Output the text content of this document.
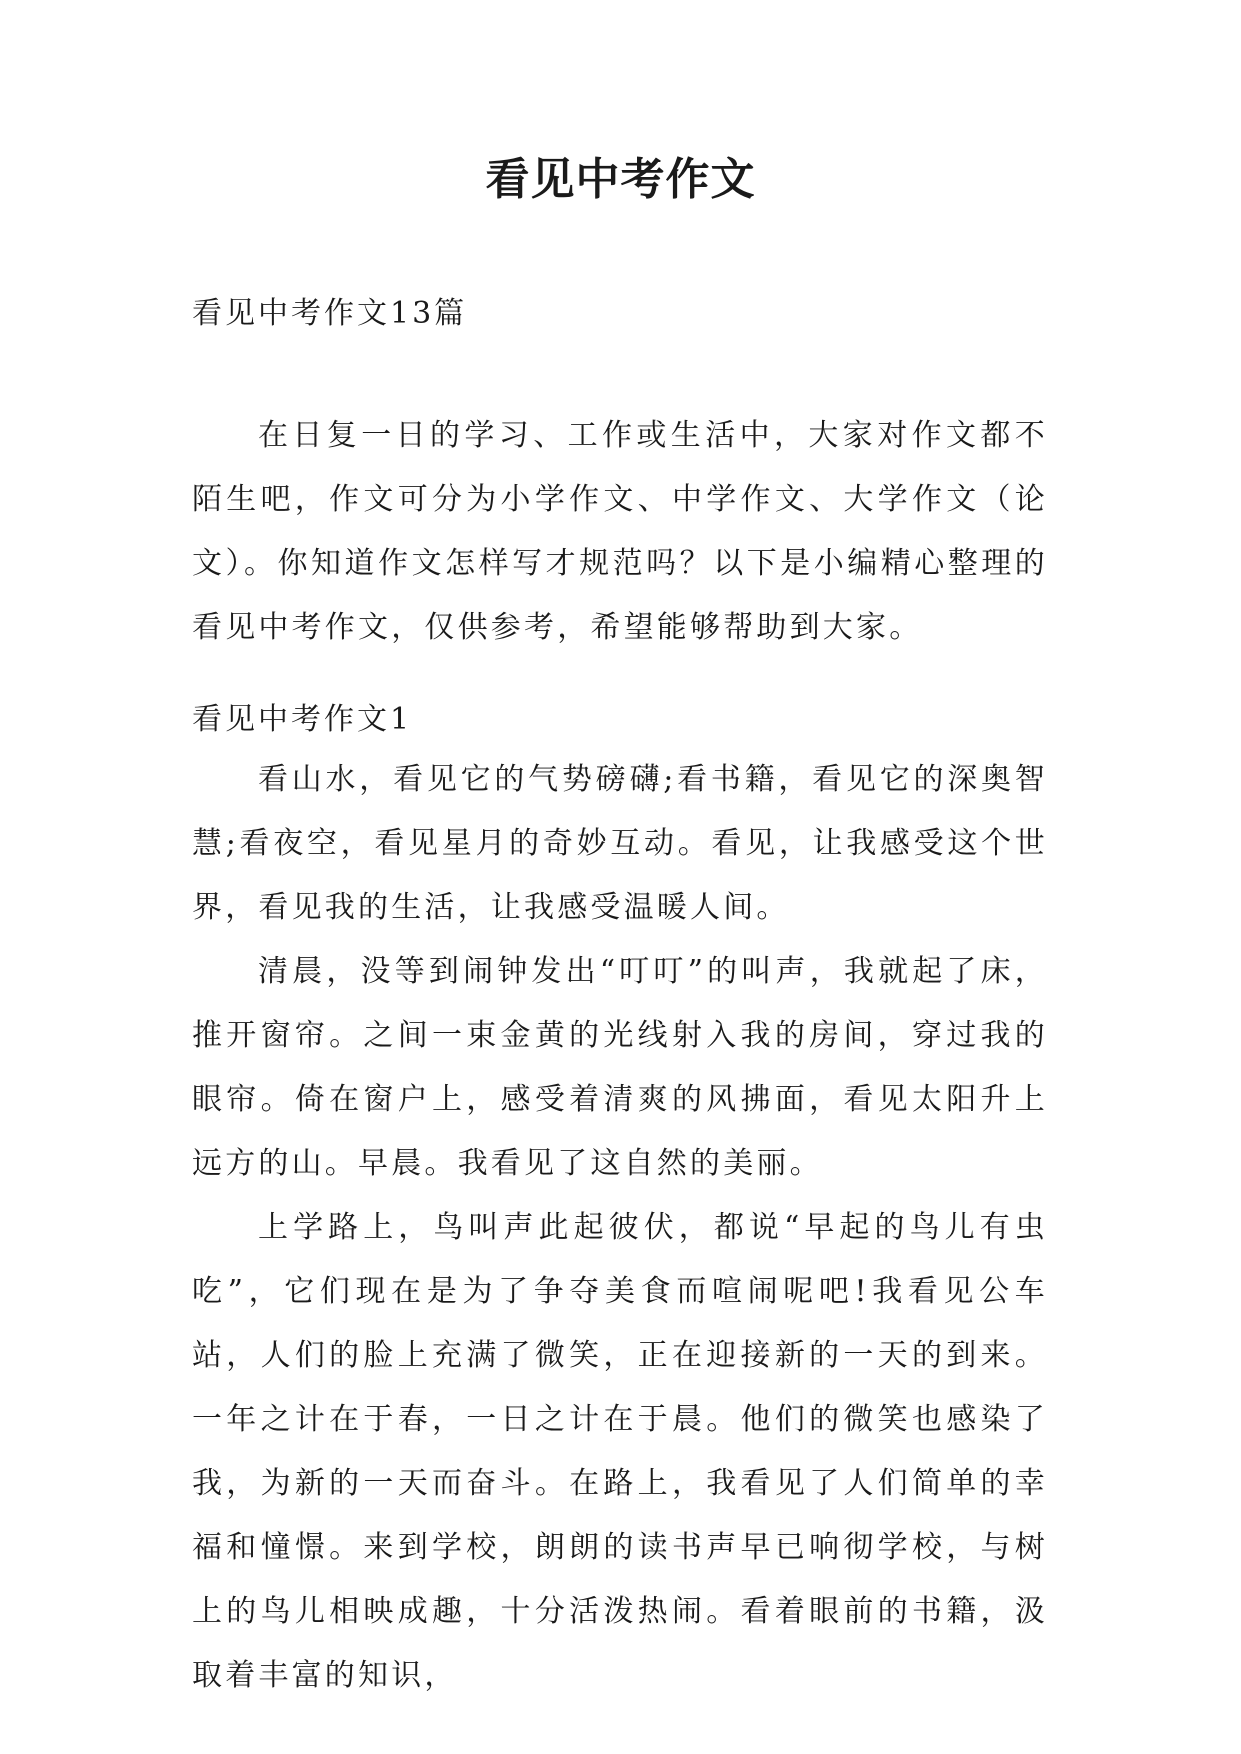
看见中考作文

看见中考作文13篇

在日复一日的学习、工作或生活中，大家对作文都不陌生吧，作文可分为小学作文、中学作文、大学作文（论文）。你知道作文怎样写才规范吗？以下是小编精心整理的看见中考作文，仅供参考，希望能够帮助到大家。

看见中考作文1

看山水，看见它的气势磅礴;看书籍，看见它的深奥智慧;看夜空，看见星月的奇妙互动。看见，让我感受这个世界，看见我的生活，让我感受温暖人间。

清晨，没等到闹钟发出“叮叮”的叫声，我就起了床，推开窗帘。之间一束金黄的光线射入我的房间，穿过我的眼帘。倚在窗户上，感受着清爽的风拂面，看见太阳升上远方的山。早晨。我看见了这自然的美丽。

上学路上，鸟叫声此起彼伏，都说“早起的鸟儿有虫吃”，它们现在是为了争夺美食而喧闹呢吧!我看见公车站，人们的脸上充满了微笑，正在迎接新的一天的到来。一年之计在于春，一日之计在于晨。他们的微笑也感染了我，为新的一天而奋斗。在路上，我看见了人们简单的幸福和憧憬。来到学校，朗朗的读书声早已响彻学校，与树上的鸟儿相映成趣，十分活泼热闹。看着眼前的书籍，汲取着丰富的知识，
